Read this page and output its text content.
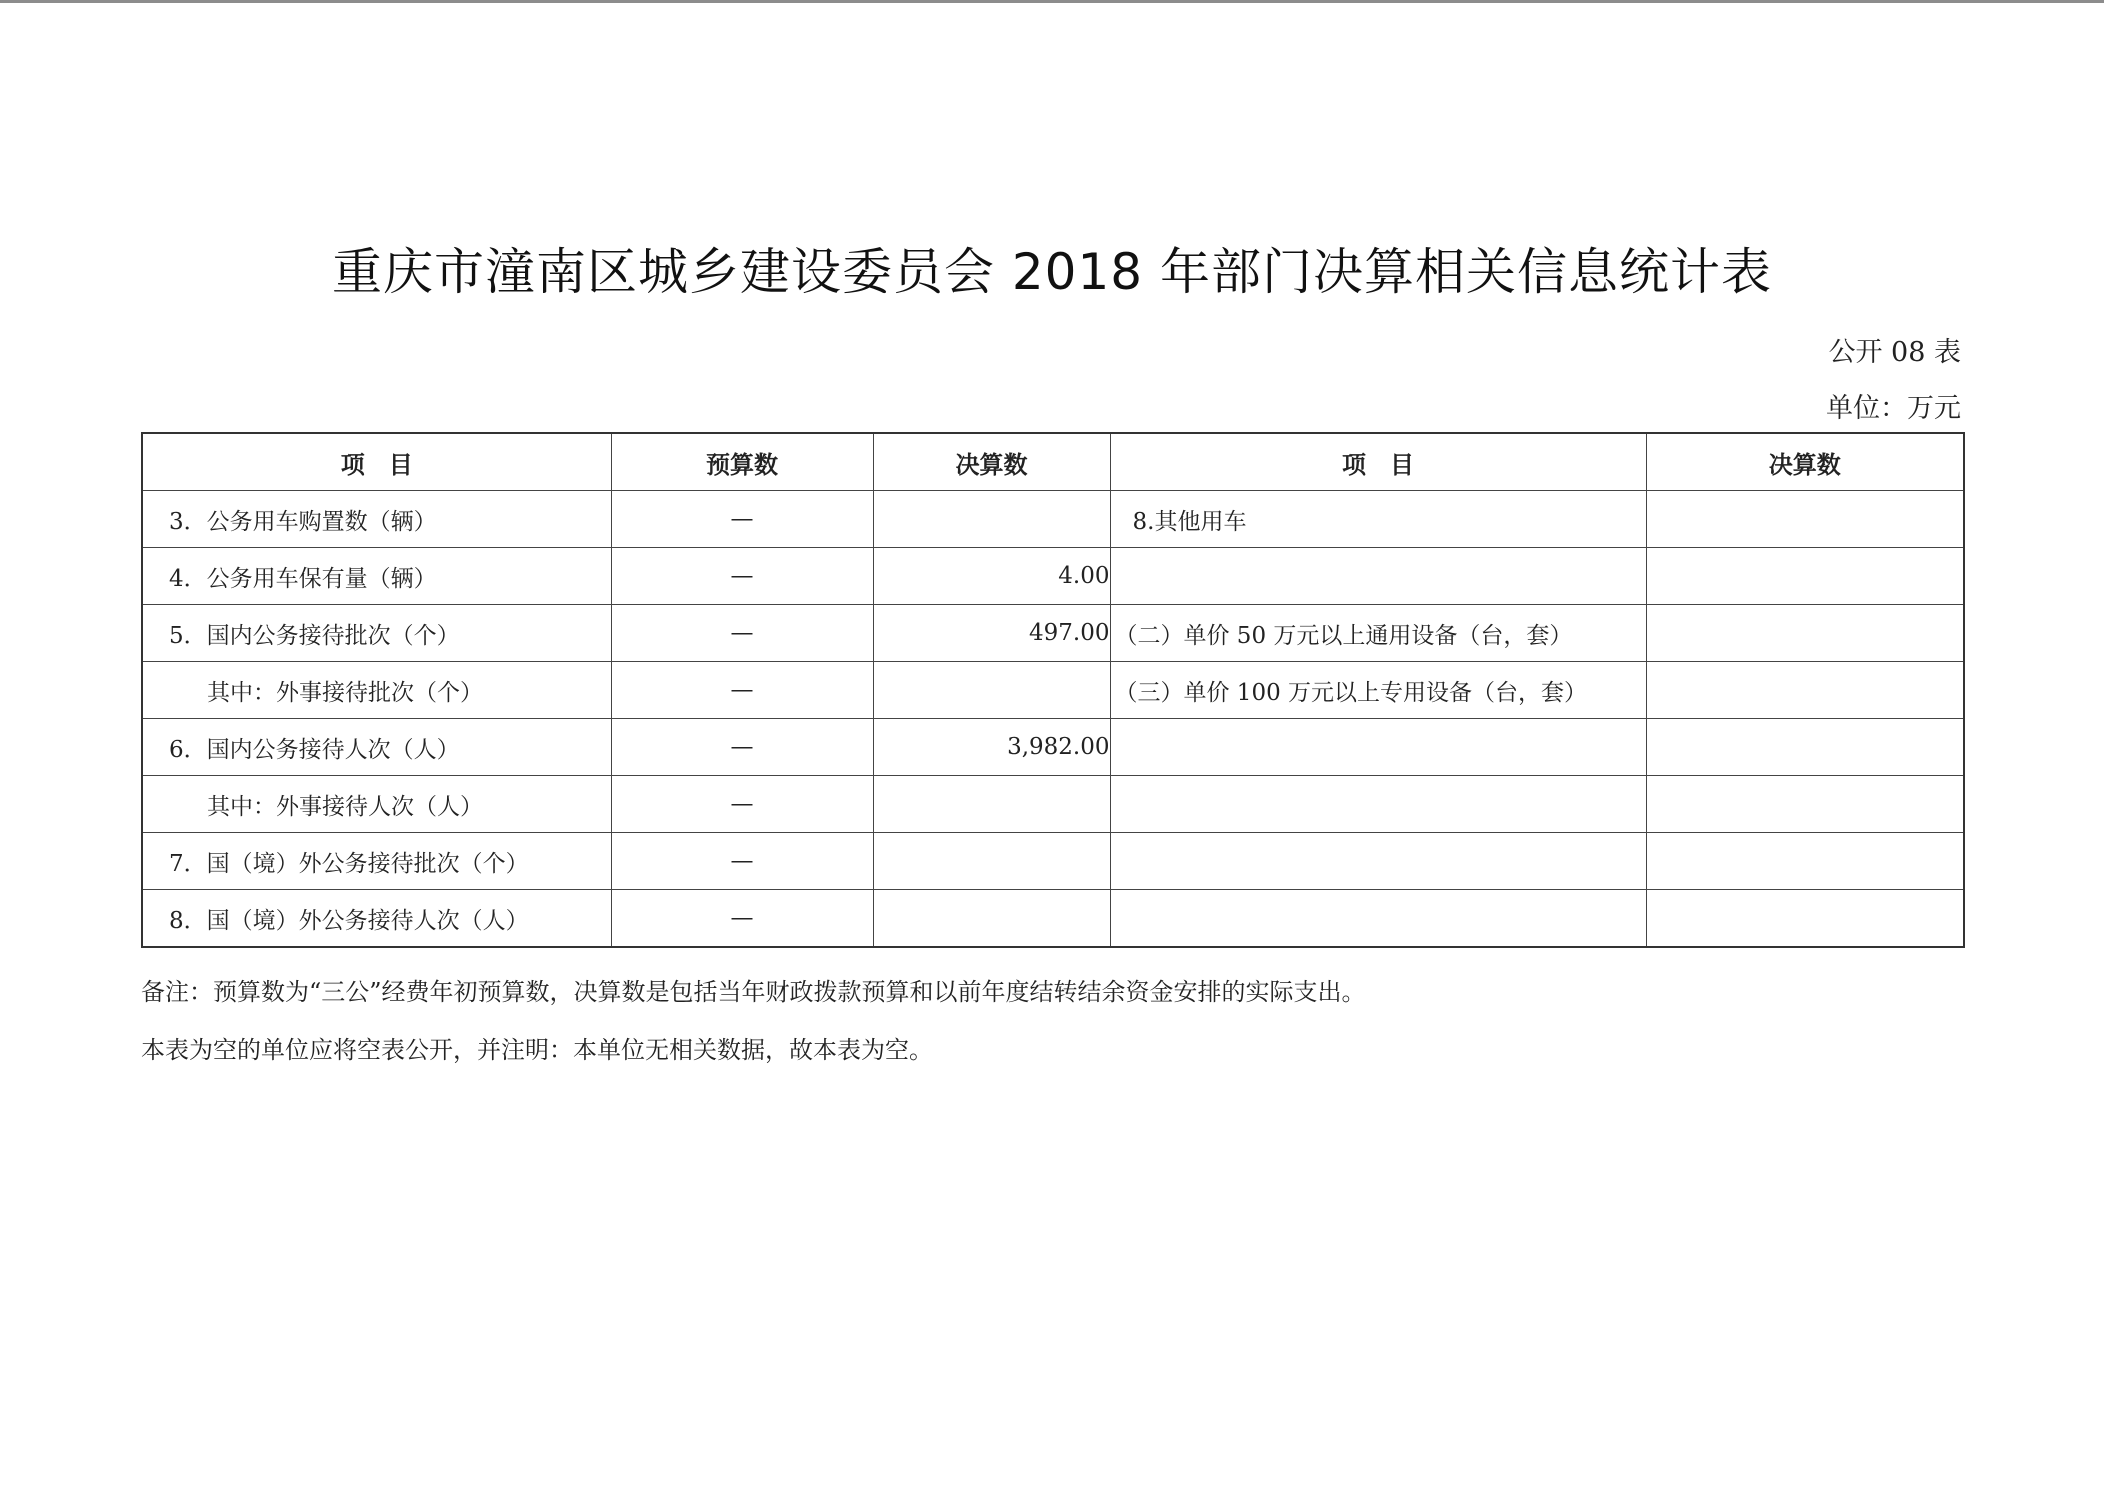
重庆市潼南区城乡建设委员会 2018 年部门决算相关信息统计表
公开 08 表
单位：万元
项　目	预算数	决算数	项　目	决算数
3．公务用车购置数（辆）	—		8.其他用车	
4．公务用车保有量（辆）	—	4.00		
5．国内公务接待批次（个）	—	497.00	（二）单价 50 万元以上通用设备（台，套）	
其中：外事接待批次（个）	—		（三）单价 100 万元以上专用设备（台，套）	
6．国内公务接待人次（人）	—	3,982.00		
其中：外事接待人次（人）	—			
7．国（境）外公务接待批次（个）	—			
8．国（境）外公务接待人次（人）	—			
备注：预算数为“三公”经费年初预算数，决算数是包括当年财政拨款预算和以前年度结转结余资金安排的实际支出。
本表为空的单位应将空表公开，并注明：本单位无相关数据，故本表为空。
